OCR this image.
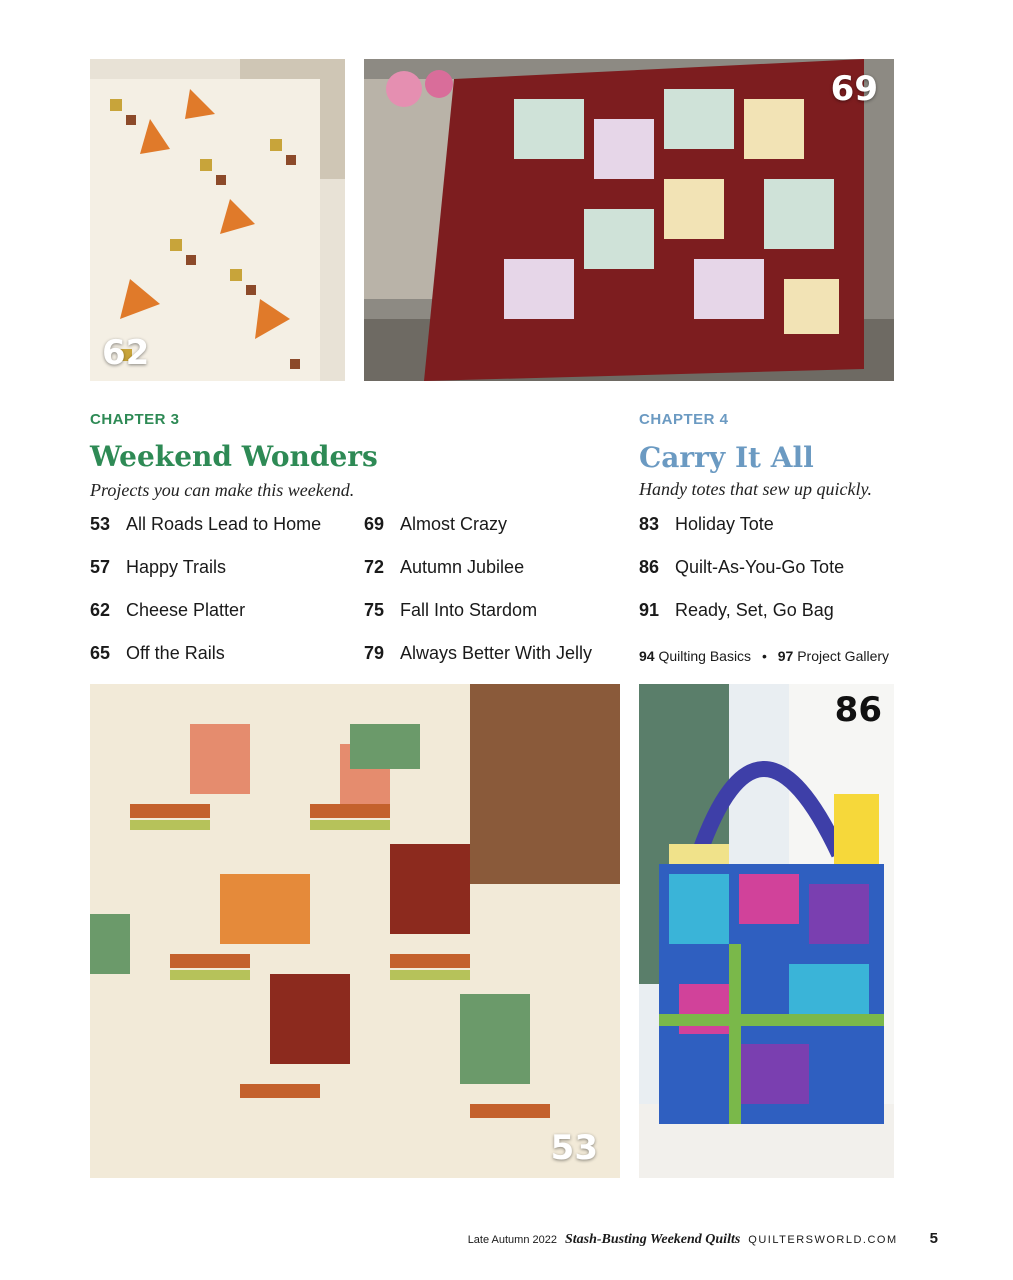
62
69
CHAPTER 3
Weekend Wonders
Projects you can make this weekend.
53 All Roads Lead to Home
57 Happy Trails
62 Cheese Platter
65 Off the Rails
69 Almost Crazy
72 Autumn Jubilee
75 Fall Into Stardom
79 Always Better With Jelly
CHAPTER 4
Carry It All
Handy totes that sew up quickly.
83 Holiday Tote
86 Quilt-As-You-Go Tote
91 Ready, Set, Go Bag
94 Quilting Basics • 97 Project Gallery
53
86
Late Autumn 2022 Stash-Busting Weekend Quilts QUILTERSWORLD.COM 5
